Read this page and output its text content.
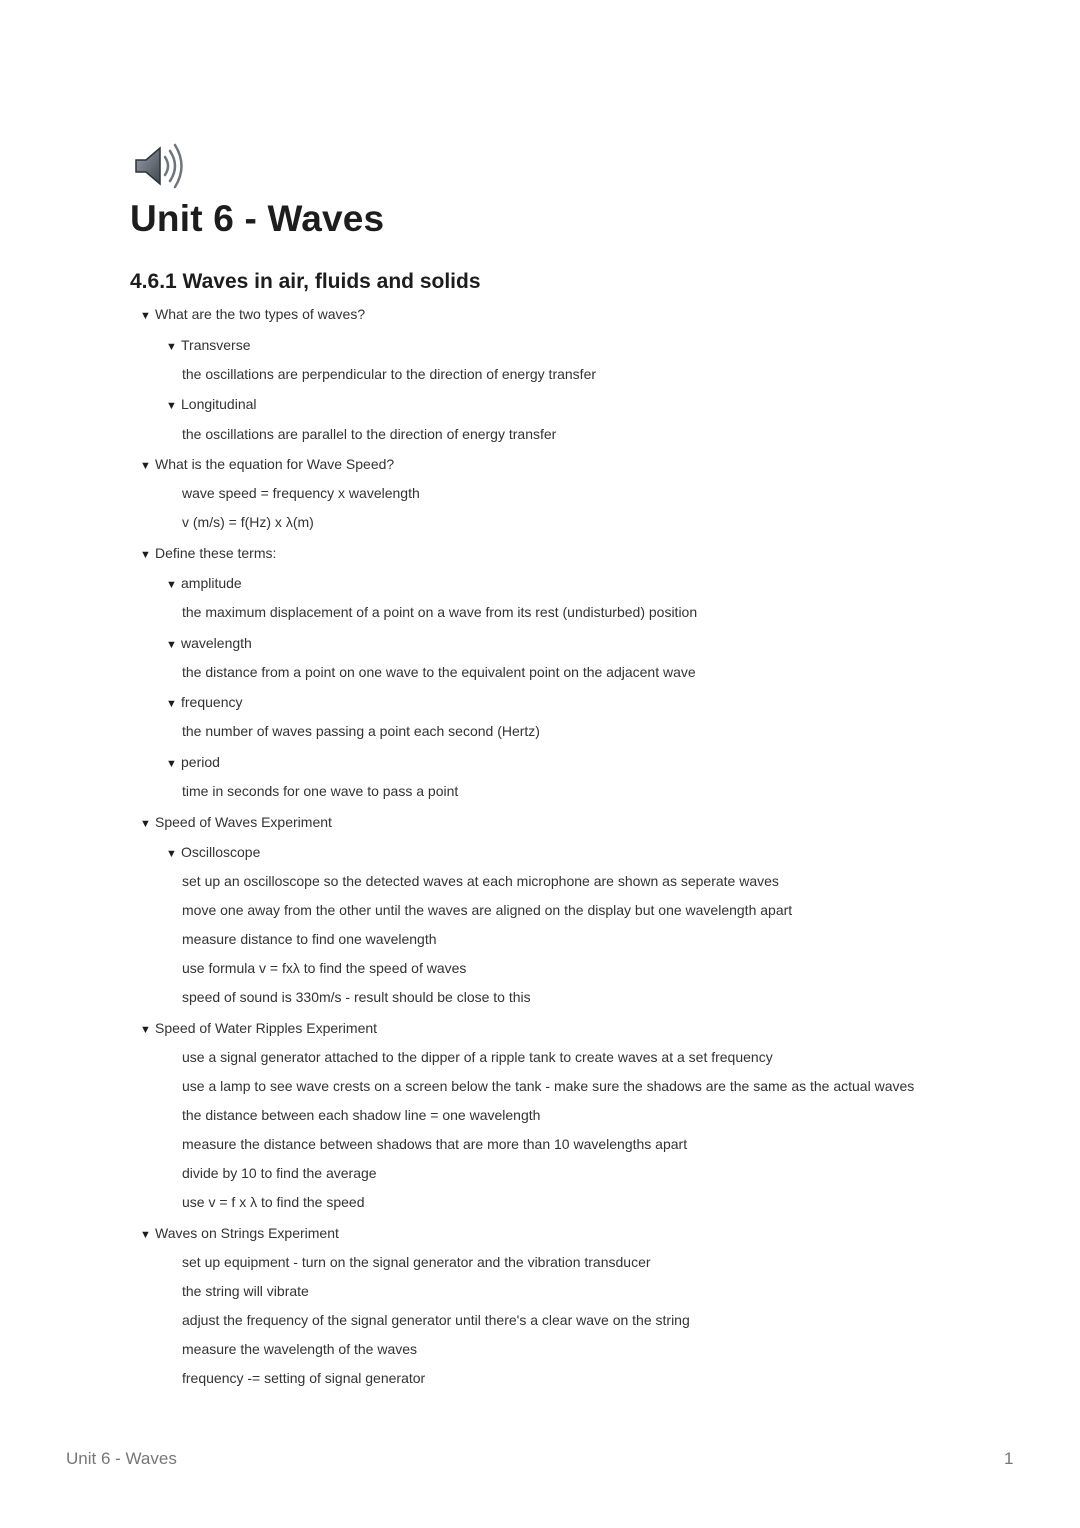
Unit 6 - Waves
4.6.1 Waves in air, fluids and solids
▼ What are the two types of waves?
▼ Transverse
the oscillations are perpendicular to the direction of energy transfer
▼ Longitudinal
the oscillations are parallel to the direction of energy transfer
▼ What is the equation for Wave Speed?
wave speed = frequency x wavelength
v (m/s) = f(Hz) x λ(m)
▼ Define these terms:
▼ amplitude
the maximum displacement of a point on a wave from its rest (undisturbed) position
▼ wavelength
the distance from a point on one wave to the equivalent point on the adjacent wave
▼ frequency
the number of waves passing a point each second (Hertz)
▼ period
time in seconds for one wave to pass a point
▼ Speed of Waves Experiment
▼ Oscilloscope
set up an oscilloscope so the detected waves at each microphone are shown as seperate waves
move one away from the other until the waves are aligned on the display but one wavelength apart
measure distance to find one wavelength
use formula v = fxλ to find the speed of waves
speed of sound is 330m/s - result should be close to this
▼ Speed of Water Ripples Experiment
use a signal generator attached to the dipper of a ripple tank to create waves at a set frequency
use a lamp to see wave crests on a screen below the tank - make sure the shadows are the same as the actual waves
the distance between each shadow line = one wavelength
measure the distance between shadows that are more than 10 wavelengths apart
divide by 10 to find the average
use v = f x λ to find the speed
▼ Waves on Strings Experiment
set up equipment - turn on the signal generator and the vibration transducer
the string will vibrate
adjust the frequency of the signal generator until there's a clear wave on the string
measure the wavelength of the waves
frequency -= setting of signal generator
Unit 6 - Waves	1
